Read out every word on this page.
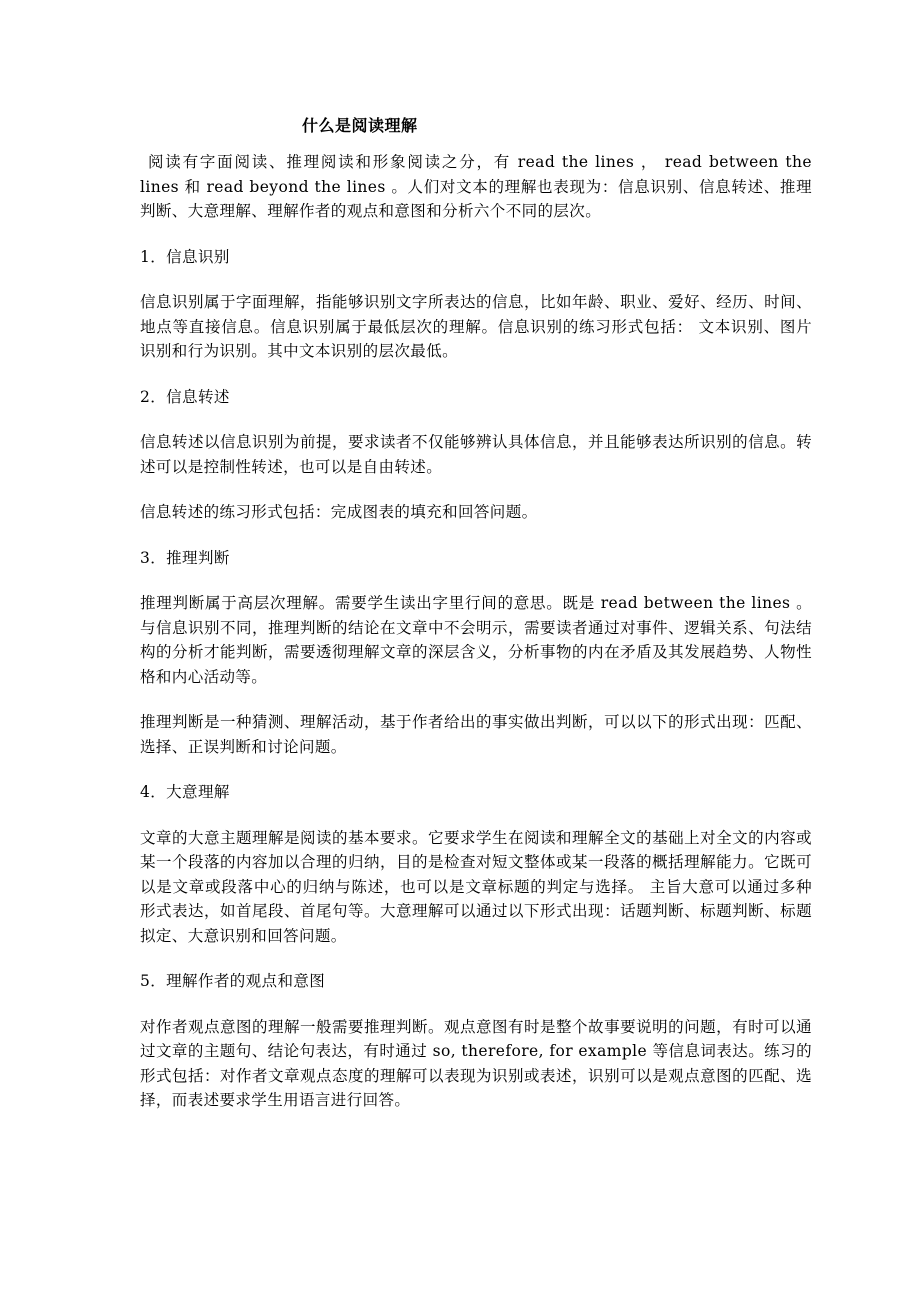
什么是阅读理解

阅读有字面阅读、推理阅读和形象阅读之分，有 read the lines ， read between the lines 和 read beyond the lines 。人们对文本的理解也表现为：信息识别、信息转述、推理判断、大意理解、理解作者的观点和意图和分析六个不同的层次。

1．信息识别

信息识别属于字面理解，指能够识别文字所表达的信息，比如年龄、职业、爱好、经历、时间、地点等直接信息。信息识别属于最低层次的理解。信息识别的练习形式包括： 文本识别、图片识别和行为识别。其中文本识别的层次最低。

2．信息转述

信息转述以信息识别为前提，要求读者不仅能够辨认具体信息，并且能够表达所识别的信息。转述可以是控制性转述，也可以是自由转述。

信息转述的练习形式包括：完成图表的填充和回答问题。

3．推理判断

推理判断属于高层次理解。需要学生读出字里行间的意思。既是 read between the lines 。与信息识别不同，推理判断的结论在文章中不会明示，需要读者通过对事件、逻辑关系、句法结构的分析才能判断，需要透彻理解文章的深层含义，分析事物的内在矛盾及其发展趋势、人物性格和内心活动等。

推理判断是一种猜测、理解活动，基于作者给出的事实做出判断，可以以下的形式出现：匹配、选择、正误判断和讨论问题。

4．大意理解

文章的大意主题理解是阅读的基本要求。它要求学生在阅读和理解全文的基础上对全文的内容或某一个段落的内容加以合理的归纳，目的是检查对短文整体或某一段落的概括理解能力。它既可以是文章或段落中心的归纳与陈述，也可以是文章标题的判定与选择。 主旨大意可以通过多种形式表达，如首尾段、首尾句等。大意理解可以通过以下形式出现：话题判断、标题判断、标题拟定、大意识别和回答问题。

5．理解作者的观点和意图

对作者观点意图的理解一般需要推理判断。观点意图有时是整个故事要说明的问题，有时可以通过文章的主题句、结论句表达，有时通过 so, therefore, for example 等信息词表达。练习的形式包括：对作者文章观点态度的理解可以表现为识别或表述，识别可以是观点意图的匹配、选择，而表述要求学生用语言进行回答。
